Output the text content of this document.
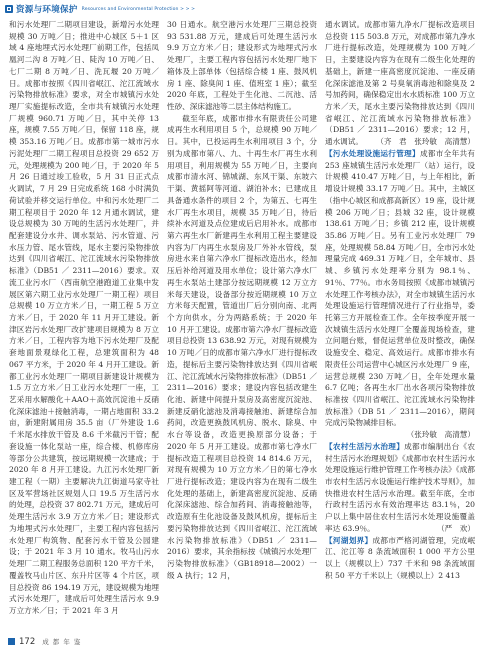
资源与环境保护 Resources and Environmental Protection > > >

和污水处理厂二期项目建设，新增污水处理规模 30 万吨／日；推进中心城区 5＋1 区域 4 座地埋式污水处理厂前期工作，包括凤凰河二沟 8 万吨／日、陡沟 10 万吨／日、七厂二期 8 万吨／日、洗瓦堰 20 万吨／日。成都市按照《四川省岷江、沱江流域水污染物排放标准》要求，对全市城镇污水处理厂实施提标改造，全市共有城镇污水处理厂规模 960.71 万吨／日，其中关停 13 座，规模 7.55 万吨／日，保留 118 座，规模 353.16 万吨／日。成都市第一城市污水污泥处理厂二期工程项目总投资 29 652 万元，处理规模为 200 吨／日，于 2020 年 5 月 26 日通过竣工验收，5 月 31 日正式点火调试，7 月 29 日完成系统 168 小时满负荷试验并移交运行单位。中和污水处理厂二期工程项目于 2020 年 12 月通水调试，建设总规模为 30 万吨的生活污水处理厂，并配套建设分水井、调水泵站、污水管道、污水压力管、尾水管线，尾水主要污染物排放达到《四川省岷江、沱江流域水污染物排放标准》（DB51 ／ 2311—2016）要求。双流工业污水厂（西南航空港跑道工业集中发展区第六期工业污水处理厂一期工程）项目总规模 10 万立方米／日，一期工程 5 万立方米／日，于 2020 年 11 月开工建设。新津区岩污水处理厂改扩建项目规模为 8 万立方米／日，工程内容为地下污水处理厂及配套地面景观绿化工程，总建筑面积为 48 067 平方米，于 2020 年 4 月开工建设。新都工业污水处理厂一期项目新建设计规模为 1.5 万立方米／日工业污水处理厂一座，工艺采用水解酸化＋AAO＋高效沉淀池＋反硝化深床滤池＋接触消毒，一期占地面积 33.2 亩，新建附属用房 35.5 亩（厂外建设 1.6 千米尾水排放干管及 8.6 千米截污干管；配套设施一体化泵站一座，综合楼、机修库房等部分公共建筑，按远期规模一次建成；于 2020 年 8 月开工建设。九江污水处理厂新建工程（一期）主要解决九江街道马家寺社区及军营场社区规划人口 19.5 万生活污水的处理，总投资 37 802.71 万元，建成后可处理生活污水 3.9 万立方米／日；建设形式为地埋式污水处理厂，主要工程内容包括污水处理厂构筑物、配套污水干管及公园建设；于 2021 年 3 月 10 通水。牧马山污水处理厂二期工程服务总面积 120 平方千米，覆盖牧马山片区、东升片区等 4 个片区，项目总投资 86 194.19 万元，建设规模为地埋式污水处理厂，建成后可处理生活污水 9.9 万立方米／日；于 2021 年 3 月

30 日通水。航空港污水处理厂三期总投资 93 531.88 万元，建成后可处理生活污水 9.9 万立方米／日；建设形式为地埋式污水处理厂，主要工程内容包括污水处理厂地下箱体及上部单体（包括综合楼 1 座、鼓风机房 1 座、除臭间 1 座、值班室 1 座）；截至 2020 年底，工程处于生化池、二沉池、活性砂、深床滤池等二层主体结构施工。

截至年底，成都市排水有限责任公司建成再生水利用项目 5 个，总规模 90 万吨／日。其中，已投运再生水利用项目 3 个，分别为成都市第八、九、十再生水厂再生水利用项目，利用规模为 55 万吨／日，主要向成都市清水河、锦城湖、东风干渠、东坡六干渠、黄摇阿等河道、湖泊补水；已建成且具备通水条件的项目 2 个，为第五、七再生水厂再生水项目，规模 35 万吨／日，待后续补水河道及点位建成后启用补水。成都市第六再生水厂新建再生水利用工程主要建设内容为厂内再生水泵房及厂外补水管线，泵房进水来自第六净水厂提标改造出水，经加压后补给河道及用水单位；设计第六净水厂再生水泵站土建部分按远期规模 12 万立方米每天建设，设备部分按近期规模 10 万立方米每天配置，管道出厂后分别向南、北两个方向供水，分为两路系统；于 2020 年 10 月开工建设。成都市第六净水厂提标改造项目总投资 13 638.92 万元，对现有规模为 10 万吨／日的成都市第六净水厂进行提标改造，提标后主要污染物排放达到《四川省岷江、沱江流域水污染物排放标准》（DB51 ／ 2311—2016）要求；建设内容包括改建生化池、新建中间提升泵房及高密度沉淀池、新建反硝化滤池及消毒接触池、新建综合加药间，改造更换鼓风机房、脱水、除臭、中水台等设备，改造更换原部分设备；于 2020 年 5 月开工建设。成都市第七净水厂提标改造工程项目总投资 14 814.6 万元，对现有规模为 10 万立方米／日的第七净水厂进行提标改造；建设内容为在现有二级生化处理的基础上，新建高密度沉淀池、反硝化深床滤池、综合加药间、消毒接触池等，改造原有生化池设备及鼓风机房，提标后主要污染物排放达到《四川省岷江、沱江流域水污染物排放标准》（DB51 ／ 2311—2016）要求，其余指标按《城镇污水处理厂污染物排放标准》（GB18918—2002）一级 A 执行；12 月，

通水调试。成都市第九净水厂提标改造项目总投资 115 503.8 万元，对成都市第九净水厂进行提标改造，处理规模为 100 万吨／日，主要建设内容为在现有二级生化处理的基础上，新建一座高密度沉淀池、一座反硝化深床滤池及第 2 号臭氧消毒池和除臭及 2 号加药间，确保稳定出水水质标准 100 万立方米／天，尾水主要污染物排放达到《四川省岷江、沱江流域水污染物排放标准》（DB51 ／ 2311—2016）要求；12 月，通水调试。 （齐　君　张玲敏　高清慧）

【污水处理设施运行管理】成都市全年共有 253 座城镇生活污水处理厂（站）运行，设计规模 410.47 万吨／日，与上年相比，新增设计规模 33.17 万吨／日。其中，主城区（指中心城区和成都高新区）19 座，设计规模 206 万吨／日；县城 32 座，设计规模 138.61 万吨／日；乡镇 212 座，设计规模 35.86 万吨／日。另有工业污水处理厂 79 座，处理规模 58.84 万吨／日，全市污水处理量完成 469.31 万吨／日，全年城市、县城、乡镇污水处理率分别为 98.1％、91％、77％。市水务局按照《成都市城镇污水处理工作考核办法》，对全市城镇生活污水处理设施运行管理情况进行了行业指导，委托第三方开展检查工作。全年按季度开展一次城镇生活污水处理厂全覆盖现场检查，建立问题台账，督促运营单位及时整改，确保设施安全、稳定、高效运行。成都市排水有限责任公司运营中心城区污水处理厂 9 座，运营总规模 230 万吨／日，全年处理水量 6.7 亿吨；各再生水厂出水各项污染物排放标准按《四川省岷江、沱江流域水污染物排放标准》（DB 51 ／ 2311—2016），期间完成污染物减排目标。
（张玲敏　高清慧）

【农村生活污水治理】成都市编制出台《农村生活污水治理规划》《成都市农村生活污水处理设施运行维护管理工作考核办法》《成都市农村生活污水设施运行维护技术导则》，加快推进农村生活污水治理。截至年底，全市行政村生活污水有效治理率达 83.1％，20 户以上集中居住农村生活污水处理设施覆盖率达 63.9％。	（严　欢）

【河湖划界】成都市严格河湖管理，完成岷江、沱江等 8 条流域面积 1 000 平方公里以上（规模以上）737 千米和 98 条流域面积 50 平方千米以上（规模以上）2 413

172 成 都 年 鉴
